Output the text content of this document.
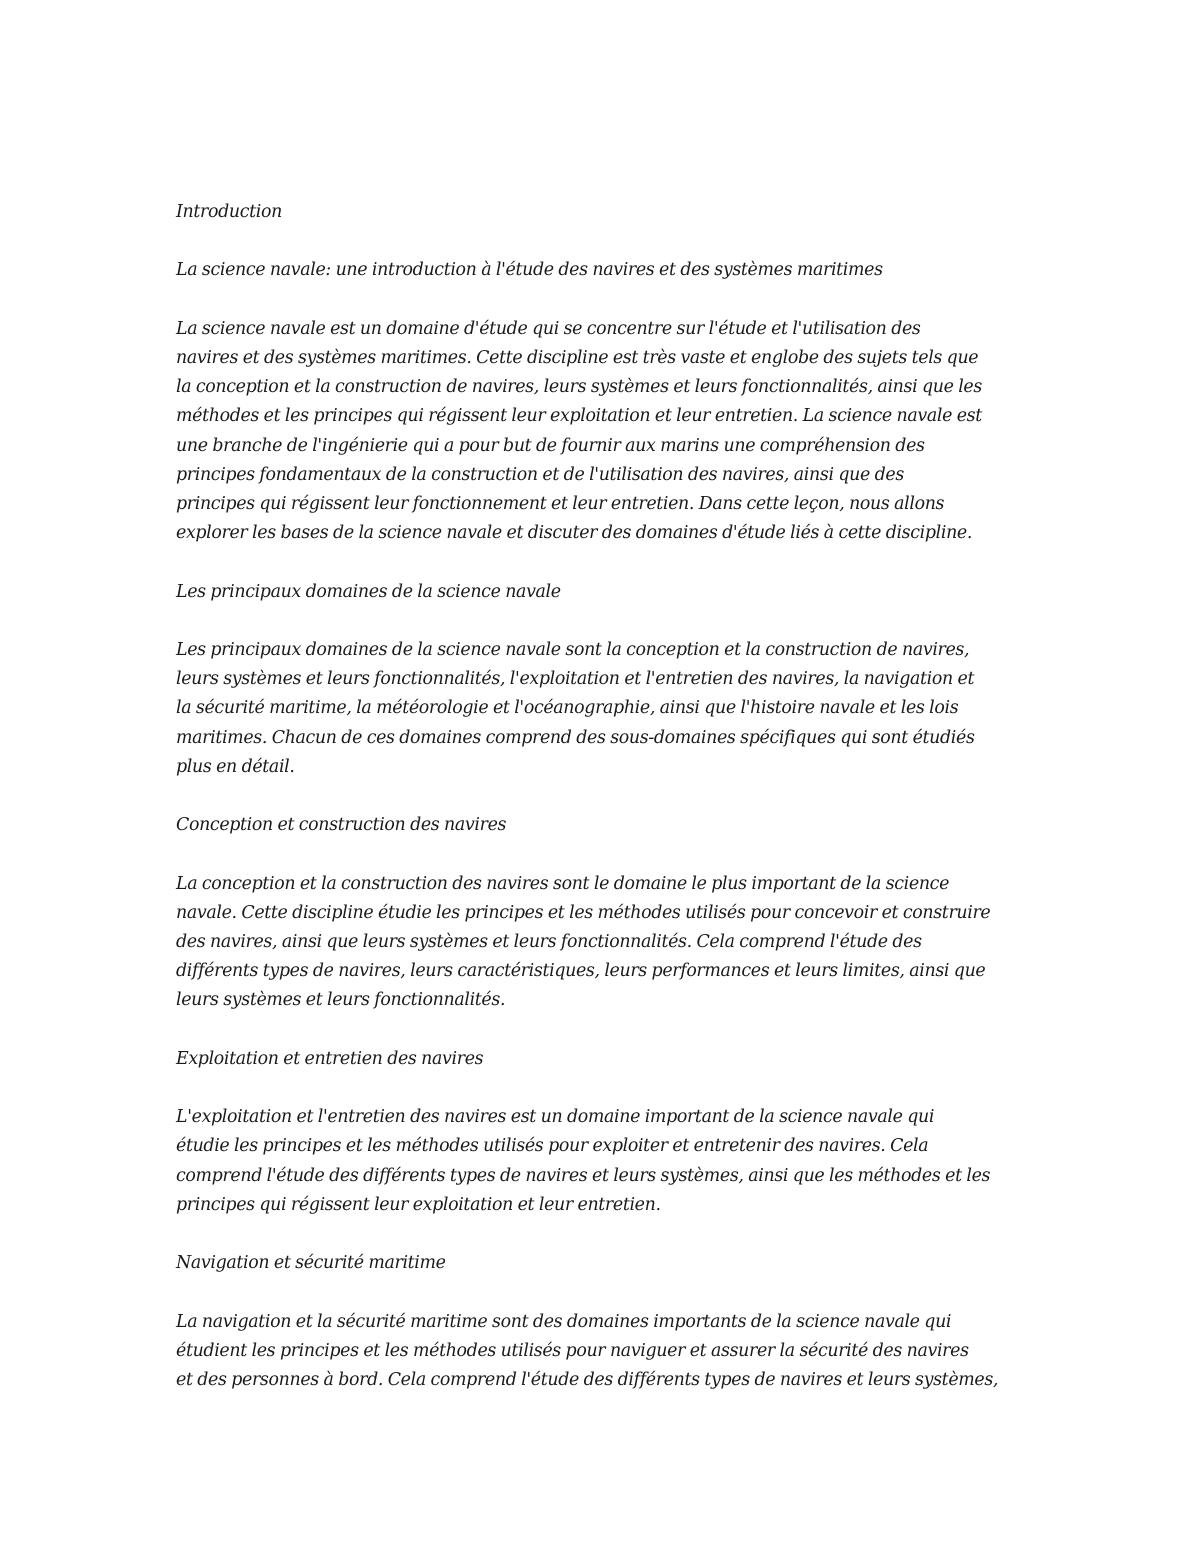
Introduction
La science navale: une introduction à l'étude des navires et des systèmes maritimes
La science navale est un domaine d'étude qui se concentre sur l'étude et l'utilisation des
navires et des systèmes maritimes. Cette discipline est très vaste et englobe des sujets tels que
la conception et la construction de navires, leurs systèmes et leurs fonctionnalités, ainsi que les
méthodes et les principes qui régissent leur exploitation et leur entretien. La science navale est
une branche de l'ingénierie qui a pour but de fournir aux marins une compréhension des
principes fondamentaux de la construction et de l'utilisation des navires, ainsi que des
principes qui régissent leur fonctionnement et leur entretien. Dans cette leçon, nous allons
explorer les bases de la science navale et discuter des domaines d'étude liés à cette discipline.
Les principaux domaines de la science navale
Les principaux domaines de la science navale sont la conception et la construction de navires,
leurs systèmes et leurs fonctionnalités, l'exploitation et l'entretien des navires, la navigation et
la sécurité maritime, la météorologie et l'océanographie, ainsi que l'histoire navale et les lois
maritimes. Chacun de ces domaines comprend des sous-domaines spécifiques qui sont étudiés
plus en détail.
Conception et construction des navires
La conception et la construction des navires sont le domaine le plus important de la science
navale. Cette discipline étudie les principes et les méthodes utilisés pour concevoir et construire
des navires, ainsi que leurs systèmes et leurs fonctionnalités. Cela comprend l'étude des
différents types de navires, leurs caractéristiques, leurs performances et leurs limites, ainsi que
leurs systèmes et leurs fonctionnalités.
Exploitation et entretien des navires
L'exploitation et l'entretien des navires est un domaine important de la science navale qui
étudie les principes et les méthodes utilisés pour exploiter et entretenir des navires. Cela
comprend l'étude des différents types de navires et leurs systèmes, ainsi que les méthodes et les
principes qui régissent leur exploitation et leur entretien.
Navigation et sécurité maritime
La navigation et la sécurité maritime sont des domaines importants de la science navale qui
étudient les principes et les méthodes utilisés pour naviguer et assurer la sécurité des navires
et des personnes à bord. Cela comprend l'étude des différents types de navires et leurs systèmes,
